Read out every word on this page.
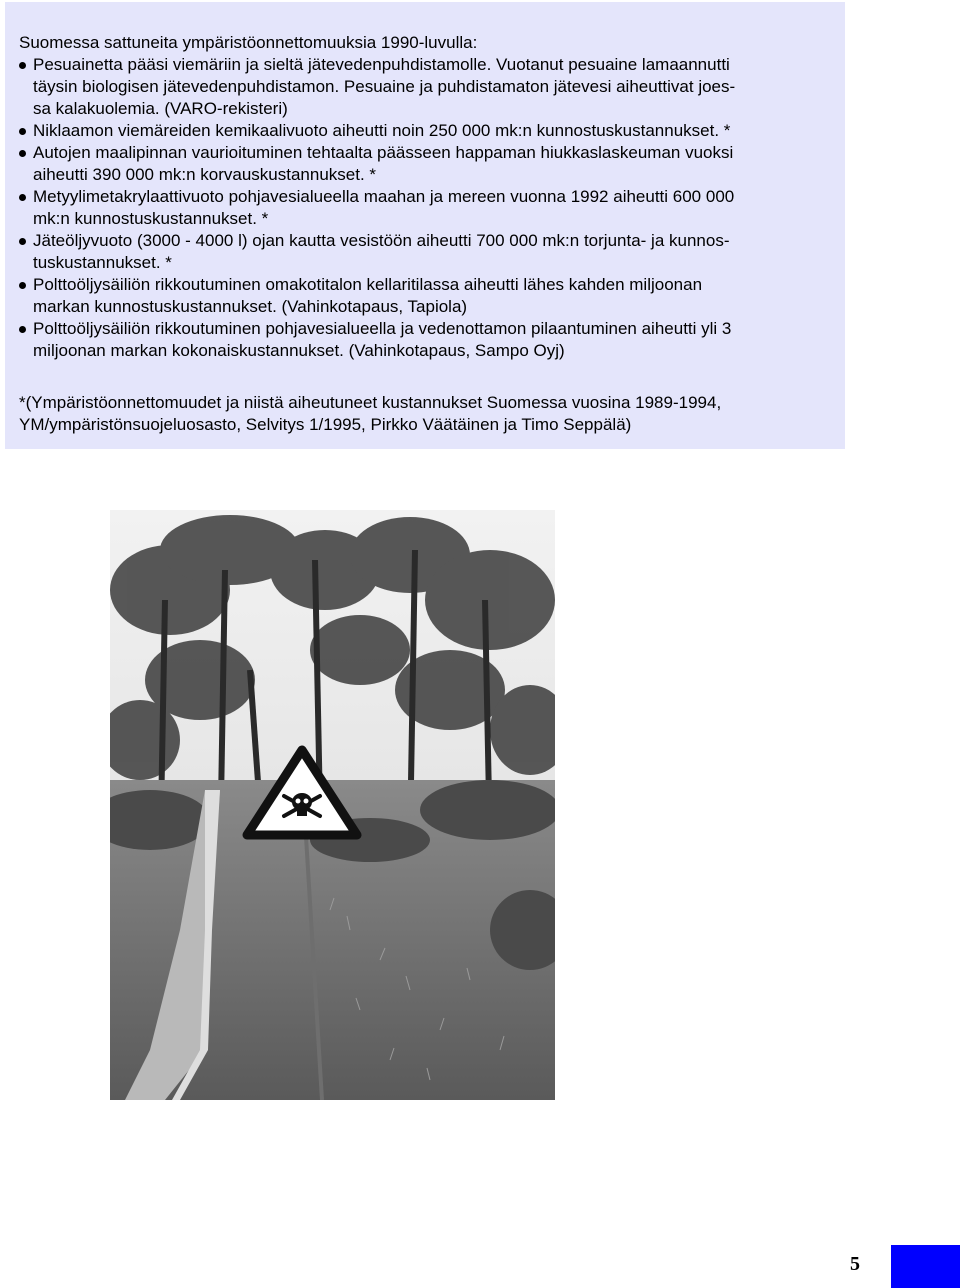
Suomessa sattuneita ympäristöonnettomuuksia 1990-luvulla:

Pesuainetta pääsi viemäriin ja sieltä jätevedenpuhdistamolle. Vuotanut pesuaine lamaannutti
täysin biologisen jätevedenpuhdistamon. Pesuaine ja puhdistamaton jätevesi aiheuttivat joes-
sa kalakuolemia. (VARO-rekisteri)
Niklaamon viemäreiden kemikaalivuoto aiheutti noin 250 000 mk:n kunnostuskustannukset. *
Autojen maalipinnan vaurioituminen tehtaalta päässeen happaman hiukkaslaskeuman vuoksi
aiheutti 390 000 mk:n korvauskustannukset. *
Metyylimetakrylaattivuoto pohjavesialueella maahan ja mereen vuonna 1992 aiheutti 600 000
mk:n kunnostuskustannukset. *
Jäteöljyvuoto (3000 - 4000 l) ojan kautta vesistöön aiheutti 700 000 mk:n torjunta- ja kunnos-
tuskustannukset. *
Polttoöljysäiliön rikkoutuminen omakotitalon kellaritilassa aiheutti lähes kahden miljoonan
markan kunnostuskustannukset. (Vahinkotapaus, Tapiola)
Polttoöljysäiliön rikkoutuminen pohjavesialueella ja vedenottamon pilaantuminen aiheutti yli 3
miljoonan markan kokonaiskustannukset. (Vahinkotapaus, Sampo Oyj)
*(Ympäristöonnettomuudet ja niistä aiheutuneet kustannukset Suomessa vuosina 1989-1994,
YM/ympäristönsuojeluosasto, Selvitys 1/1995, Pirkko Väätäinen ja Timo Seppälä)
5
